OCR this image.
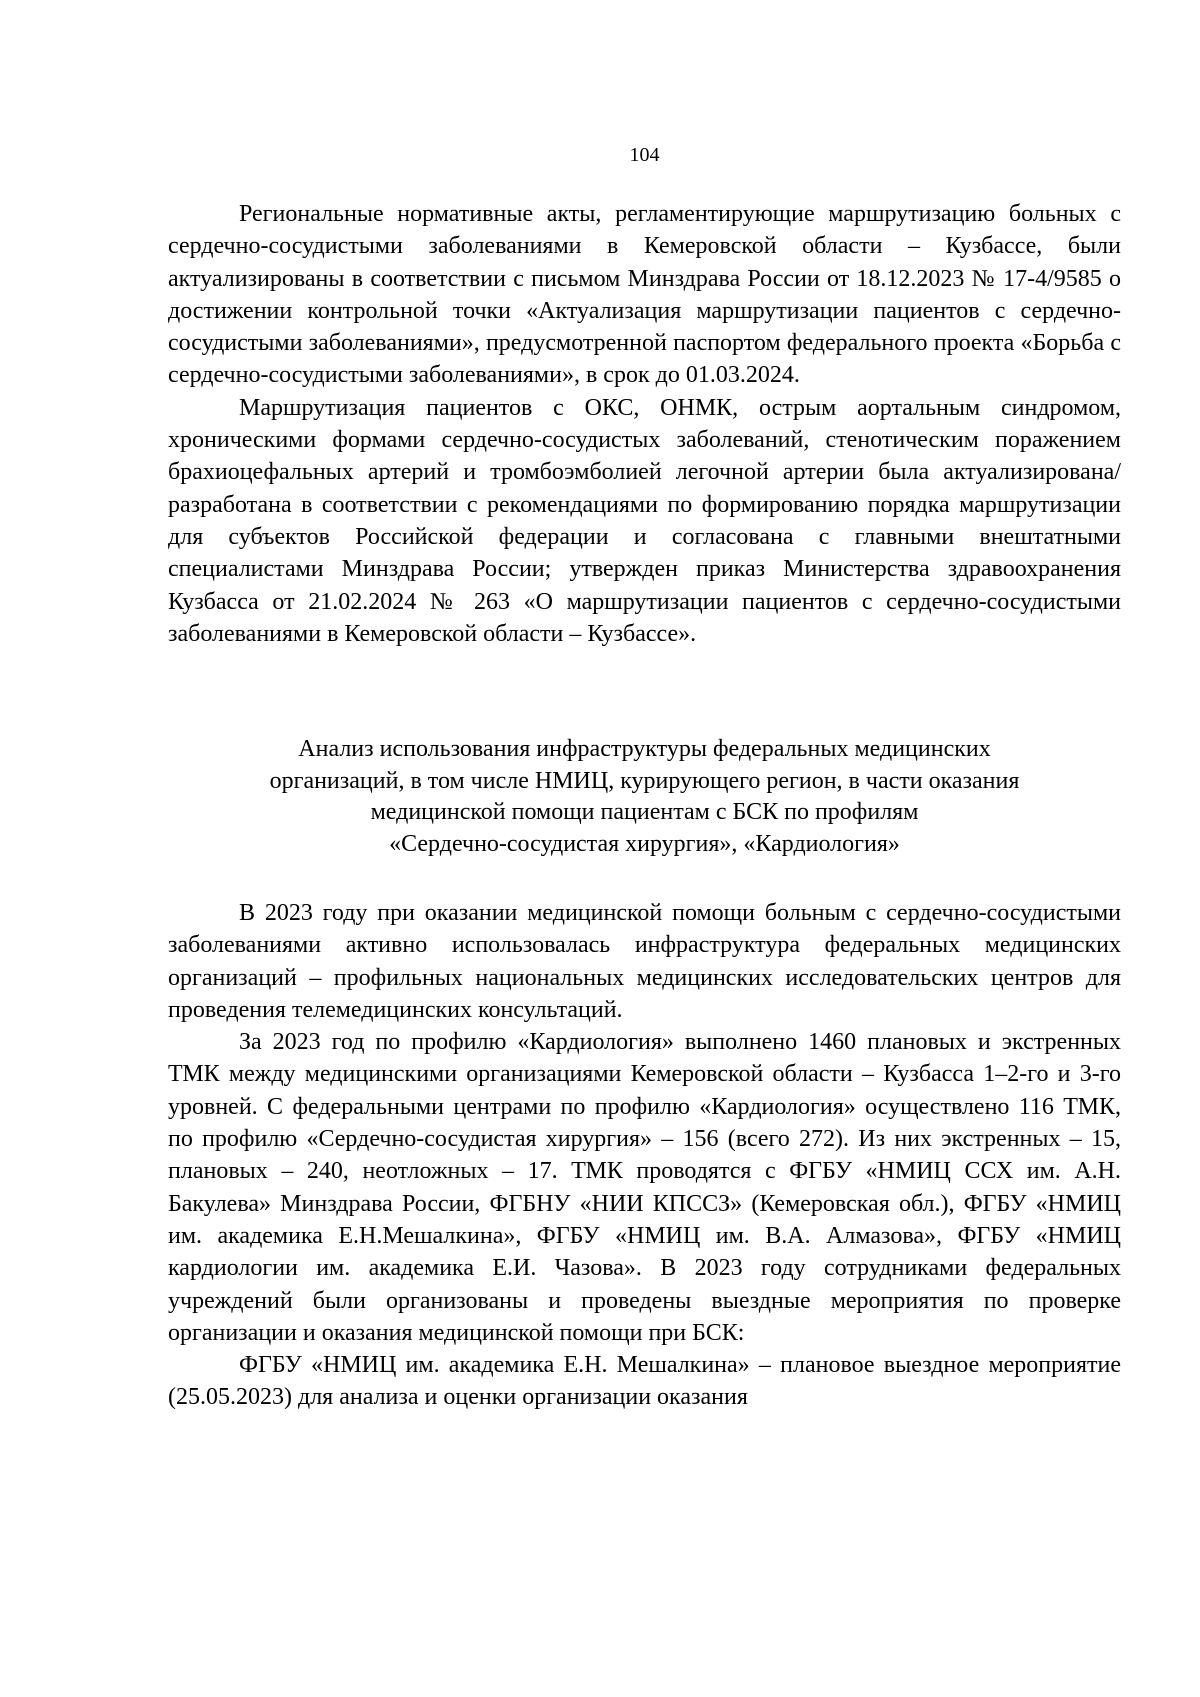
104

Региональные нормативные акты, регламентирующие маршрутизацию больных с сердечно-сосудистыми заболеваниями в Кемеровской области – Кузбассе, были актуализированы в соответствии с письмом Минздрава России от 18.12.2023 № 17-4/9585 о достижении контрольной точки «Актуализация маршрутизации пациентов с сердечно-сосудистыми заболеваниями», предусмотренной паспортом федерального проекта «Борьба с сердечно-сосудистыми заболеваниями», в срок до 01.03.2024.

Маршрутизация пациентов с ОКС, ОНМК, острым аортальным синдромом, хроническими формами сердечно-сосудистых заболеваний, стенотическим поражением брахиоцефальных артерий и тромбоэмболией легочной артерии была актуализирована/разработана в соответствии с рекомендациями по формированию порядка маршрутизации для субъектов Российской федерации и согласована с главными внештатными специалистами Минздрава России; утвержден приказ Министерства здравоохранения Кузбасса от 21.02.2024 № 263 «О маршрутизации пациентов с сердечно-сосудистыми заболеваниями в Кемеровской области – Кузбассе».

Анализ использования инфраструктуры федеральных медицинских
организаций, в том числе НМИЦ, курирующего регион, в части оказания
медицинской помощи пациентам с БСК по профилям
«Сердечно-сосудистая хирургия», «Кардиология»

В 2023 году при оказании медицинской помощи больным с сердечно-сосудистыми заболеваниями активно использовалась инфраструктура федеральных медицинских организаций – профильных национальных медицинских исследовательских центров для проведения телемедицинских консультаций.

За 2023 год по профилю «Кардиология» выполнено 1460 плановых и экстренных ТМК между медицинскими организациями Кемеровской области – Кузбасса 1–2-го и 3-го уровней. С федеральными центрами по профилю «Кардиология» осуществлено 116 ТМК, по профилю «Сердечно-сосудистая хирургия» – 156 (всего 272). Из них экстренных – 15, плановых – 240, неотложных – 17. ТМК проводятся с ФГБУ «НМИЦ ССХ им. А.Н. Бакулева» Минздрава России, ФГБНУ «НИИ КПССЗ» (Кемеровская обл.), ФГБУ «НМИЦ им. академика Е.Н.Мешалкина», ФГБУ «НМИЦ им. В.А. Алмазова», ФГБУ «НМИЦ кардиологии им. академика Е.И. Чазова». В 2023 году сотрудниками федеральных учреждений были организованы и проведены выездные мероприятия по проверке организации и оказания медицинской помощи при БСК:

ФГБУ «НМИЦ им. академика Е.Н. Мешалкина» – плановое выездное мероприятие (25.05.2023) для анализа и оценки организации оказания
